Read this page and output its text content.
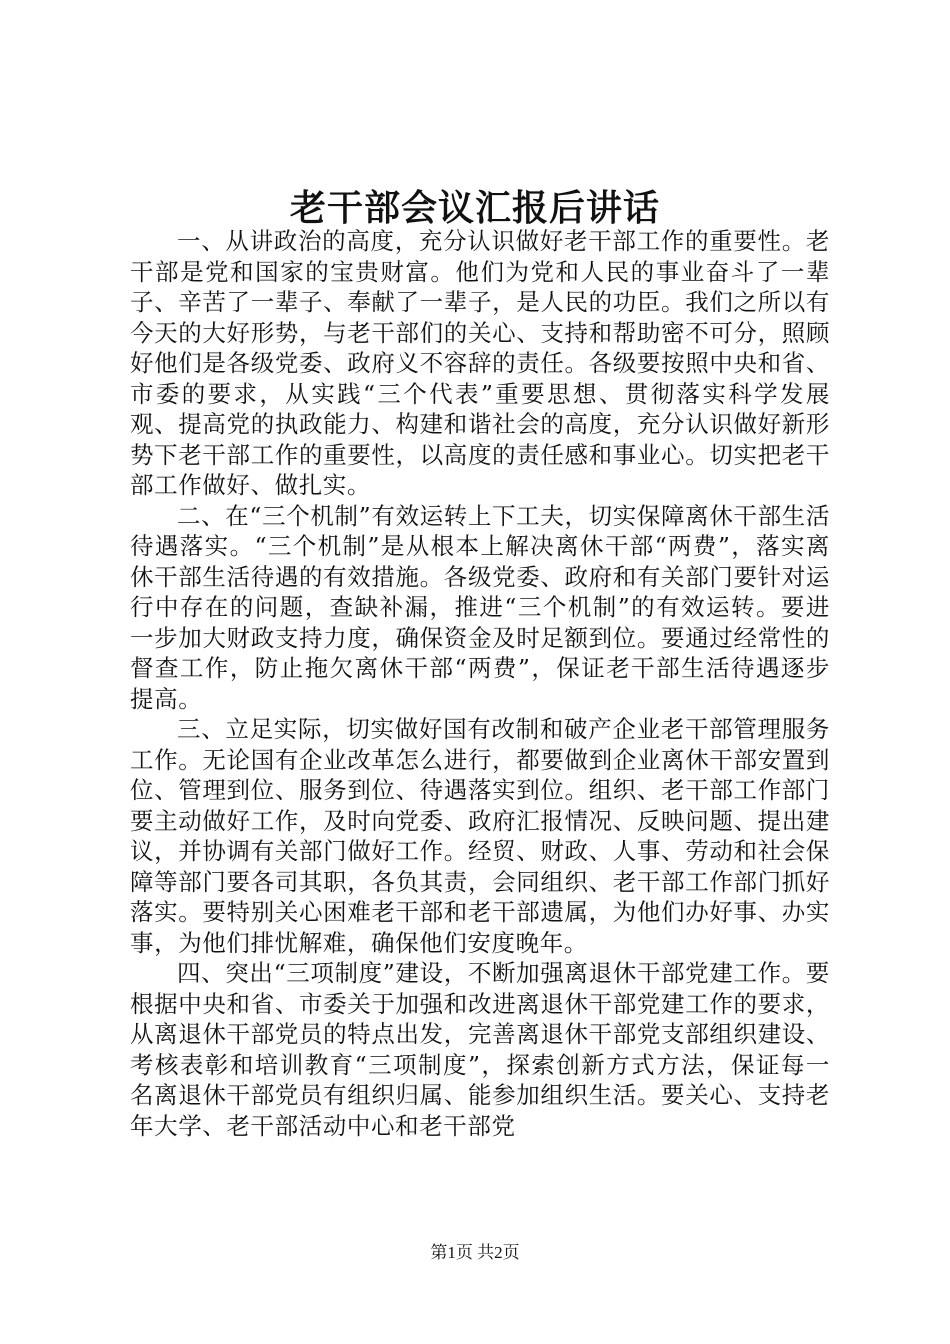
老干部会议汇报后讲话

一、从讲政治的高度，充分认识做好老干部工作的重要性。老干部是党和国家的宝贵财富。他们为党和人民的事业奋斗了一辈子、辛苦了一辈子、奉献了一辈子，是人民的功臣。我们之所以有今天的大好形势，与老干部们的关心、支持和帮助密不可分，照顾好他们是各级党委、政府义不容辞的责任。各级要按照中央和省、市委的要求，从实践“三个代表”重要思想、贯彻落实科学发展观、提高党的执政能力、构建和谐社会的高度，充分认识做好新形势下老干部工作的重要性，以高度的责任感和事业心。切实把老干部工作做好、做扎实。

二、在“三个机制”有效运转上下工夫，切实保障离休干部生活待遇落实。“三个机制”是从根本上解决离休干部“两费”，落实离休干部生活待遇的有效措施。各级党委、政府和有关部门要针对运行中存在的问题，查缺补漏，推进“三个机制”的有效运转。要进一步加大财政支持力度，确保资金及时足额到位。要通过经常性的督查工作，防止拖欠离休干部“两费”，保证老干部生活待遇逐步提高。

三、立足实际，切实做好国有改制和破产企业老干部管理服务工作。无论国有企业改革怎么进行，都要做到企业离休干部安置到位、管理到位、服务到位、待遇落实到位。组织、老干部工作部门要主动做好工作，及时向党委、政府汇报情况、反映问题、提出建议，并协调有关部门做好工作。经贸、财政、人事、劳动和社会保障等部门要各司其职，各负其责，会同组织、老干部工作部门抓好落实。要特别关心困难老干部和老干部遗属，为他们办好事、办实事，为他们排忧解难，确保他们安度晚年。

四、突出“三项制度”建设，不断加强离退休干部党建工作。要根据中央和省、市委关于加强和改进离退休干部党建工作的要求，从离退休干部党员的特点出发，完善离退休干部党支部组织建设、考核表彰和培训教育“三项制度”，探索创新方式方法，保证每一名离退休干部党员有组织归属、能参加组织生活。要关心、支持老年大学、老干部活动中心和老干部党

第1页 共2页
